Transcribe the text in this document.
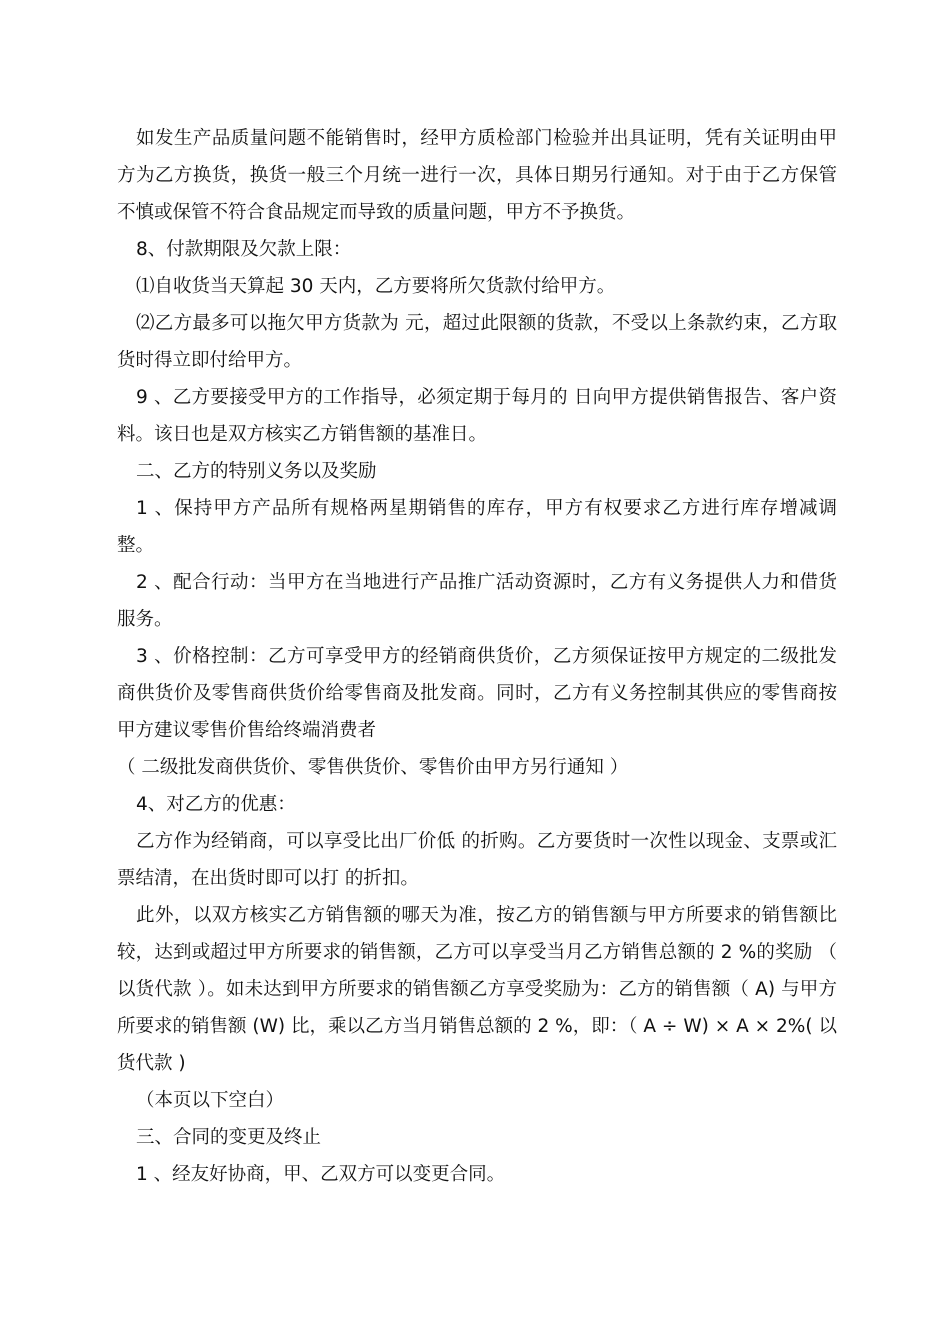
如发生产品质量问题不能销售时，经甲方质检部门检验并出具证明，凭有关证明由甲方为乙方换货，换货一般三个月统一进行一次，具体日期另行通知。对于由于乙方保管不慎或保管不符合食品规定而导致的质量问题，甲方不予换货。

8、付款期限及欠款上限：

⑴自收货当天算起 30 天内，乙方要将所欠货款付给甲方。

⑵乙方最多可以拖欠甲方货款为 元，超过此限额的货款，不受以上条款约束，乙方取货时得立即付给甲方。

9 、乙方要接受甲方的工作指导，必须定期于每月的 日向甲方提供销售报告、客户资料。该日也是双方核实乙方销售额的基准日。

二、乙方的特别义务以及奖励

1 、保持甲方产品所有规格两星期销售的库存，甲方有权要求乙方进行库存增减调整。

2 、配合行动：当甲方在当地进行产品推广活动资源时，乙方有义务提供人力和借货服务。

3 、价格控制：乙方可享受甲方的经销商供货价，乙方须保证按甲方规定的二级批发商供货价及零售商供货价给零售商及批发商。同时，乙方有义务控制其供应的零售商按甲方建议零售价售给终端消费者

（ 二级批发商供货价、零售供货价、零售价由甲方另行通知 ）

4、对乙方的优惠：

乙方作为经销商，可以享受比出厂价低 的折购。乙方要货时一次性以现金、支票或汇票结清，在出货时即可以打 的折扣。

此外，以双方核实乙方销售额的哪天为准，按乙方的销售额与甲方所要求的销售额比较，达到或超过甲方所要求的销售额，乙方可以享受当月乙方销售总额的 2 %的奖励 （ 以货代款 ）。如未达到甲方所要求的销售额乙方享受奖励为：乙方的销售额（ A) 与甲方所要求的销售额 (W) 比，乘以乙方当月销售总额的 2 %，即：（ A ÷ W) × A × 2%( 以货代款 )

（本页以下空白）

三、合同的变更及终止

1 、经友好协商，甲、乙双方可以变更合同。
